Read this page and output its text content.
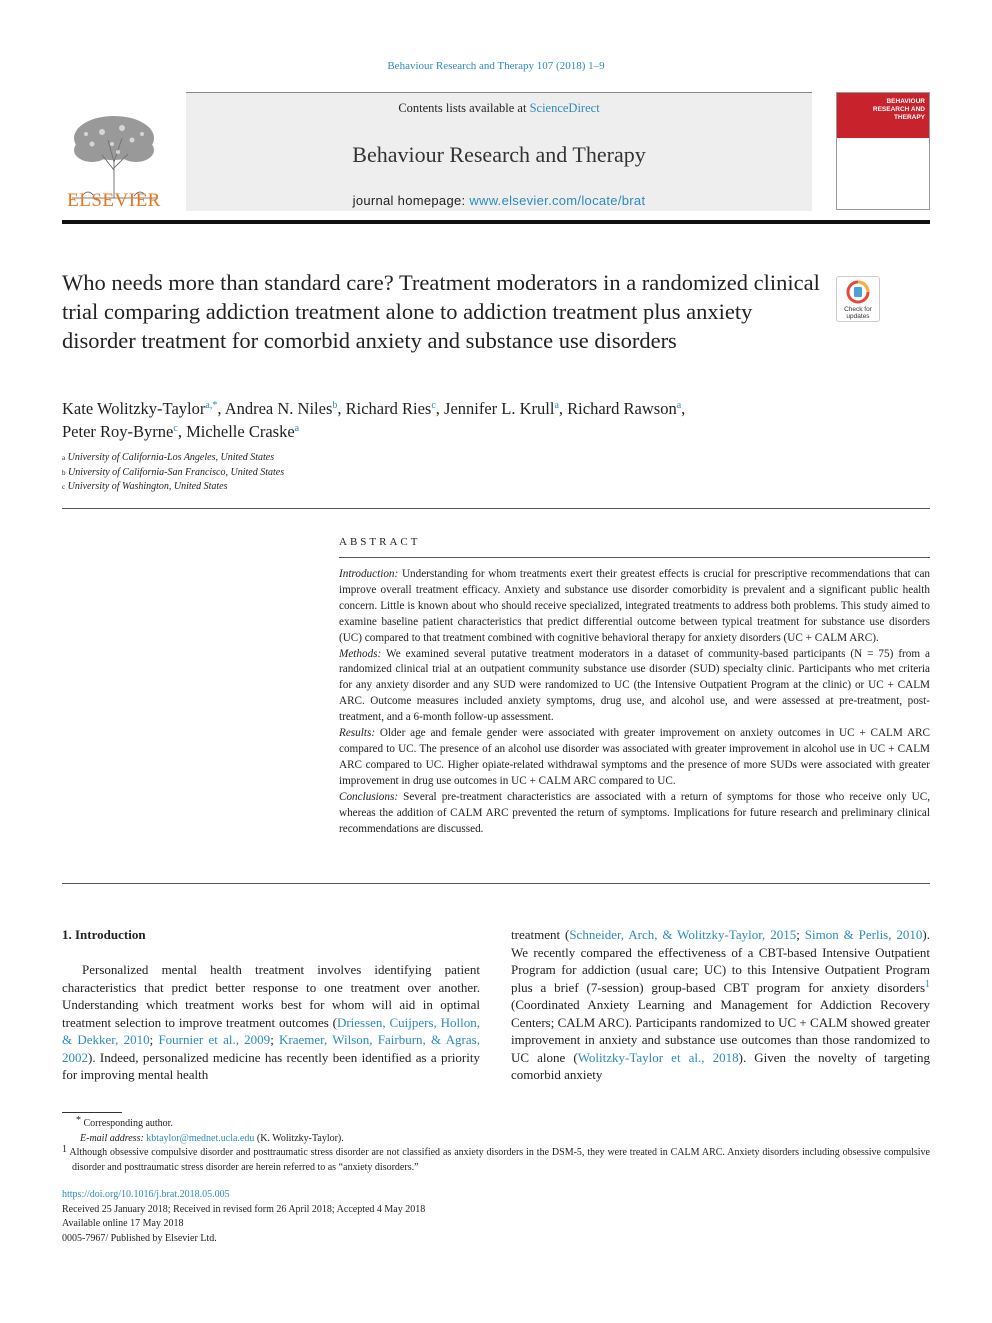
Behaviour Research and Therapy 107 (2018) 1–9
Contents lists available at ScienceDirect
Behaviour Research and Therapy
journal homepage: www.elsevier.com/locate/brat
ELSEVIER
BEHAVIOUR RESEARCH AND THERAPY
Who needs more than standard care? Treatment moderators in a randomized clinical trial comparing addiction treatment alone to addiction treatment plus anxiety disorder treatment for comorbid anxiety and substance use disorders
Check for updates
Kate Wolitzky-Taylor$^{a,*}$, Andrea N. Niles$^b$, Richard Ries$^c$, Jennifer L. Krull$^a$, Richard Rawson$^a$,
Peter Roy-Byrne$^c$, Michelle Craske$^a$
$^a$ University of California-Los Angeles, United States
$^b$ University of California-San Francisco, United States
$^c$ University of Washington, United States
ABSTRACT

Introduction: Understanding for whom treatments exert their greatest effects is crucial for prescriptive recommendations that can improve overall treatment efficacy. Anxiety and substance use disorder comorbidity is prevalent and a significant public health concern. Little is known about who should receive specialized, integrated treatments to address both problems. This study aimed to examine baseline patient characteristics that predict differential outcome between typical treatment for substance use disorders (UC) compared to that treatment combined with cognitive behavioral therapy for anxiety disorders (UC + CALM ARC).

Methods: We examined several putative treatment moderators in a dataset of community-based participants (N = 75) from a randomized clinical trial at an outpatient community substance use disorder (SUD) specialty clinic. Participants who met criteria for any anxiety disorder and any SUD were randomized to UC (the Intensive Outpatient Program at the clinic) or UC + CALM ARC. Outcome measures included anxiety symptoms, drug use, and alcohol use, and were assessed at pre-treatment, post-treatment, and a 6-month follow-up assessment.

Results: Older age and female gender were associated with greater improvement on anxiety outcomes in UC + CALM ARC compared to UC. The presence of an alcohol use disorder was associated with greater improvement in alcohol use in UC + CALM ARC compared to UC. Higher opiate-related withdrawal symptoms and the presence of more SUDs were associated with greater improvement in drug use outcomes in UC + CALM ARC compared to UC.

Conclusions: Several pre-treatment characteristics are associated with a return of symptoms for those who receive only UC, whereas the addition of CALM ARC prevented the return of symptoms. Implications for future research and preliminary clinical recommendations are discussed.

1. Introduction
Personalized mental health treatment involves identifying patient characteristics that predict better response to one treatment over another. Understanding which treatment works best for whom will aid in optimal treatment selection to improve treatment outcomes (Driessen, Cuijpers, Hollon, & Dekker, 2010; Fournier et al., 2009; Kraemer, Wilson, Fairburn, & Agras, 2002). Indeed, personalized medicine has recently been identified as a priority for improving mental health
treatment (Schneider, Arch, & Wolitzky-Taylor, 2015; Simon & Perlis, 2010). We recently compared the effectiveness of a CBT-based Intensive Outpatient Program for addiction (usual care; UC) to this Intensive Outpatient Program plus a brief (7-session) group-based CBT program for anxiety disorders$^1$ (Coordinated Anxiety Learning and Management for Addiction Recovery Centers; CALM ARC). Participants randomized to UC + CALM showed greater improvement in anxiety and substance use outcomes than those randomized to UC alone (Wolitzky-Taylor et al., 2018). Given the novelty of targeting comorbid anxiety

* Corresponding author.

E-mail address: kbtaylor@mednet.ucla.edu (K. Wolitzky-Taylor).

$^1$ Although obsessive compulsive disorder and posttraumatic stress disorder are not classified as anxiety disorders in the DSM-5, they were treated in CALM ARC. Anxiety disorders including obsessive compulsive disorder and posttraumatic stress disorder are herein referred to as “anxiety disorders.”

https://doi.org/10.1016/j.brat.2018.05.005

Received 25 January 2018; Received in revised form 26 April 2018; Accepted 4 May 2018

Available online 17 May 2018

0005-7967/ Published by Elsevier Ltd.
